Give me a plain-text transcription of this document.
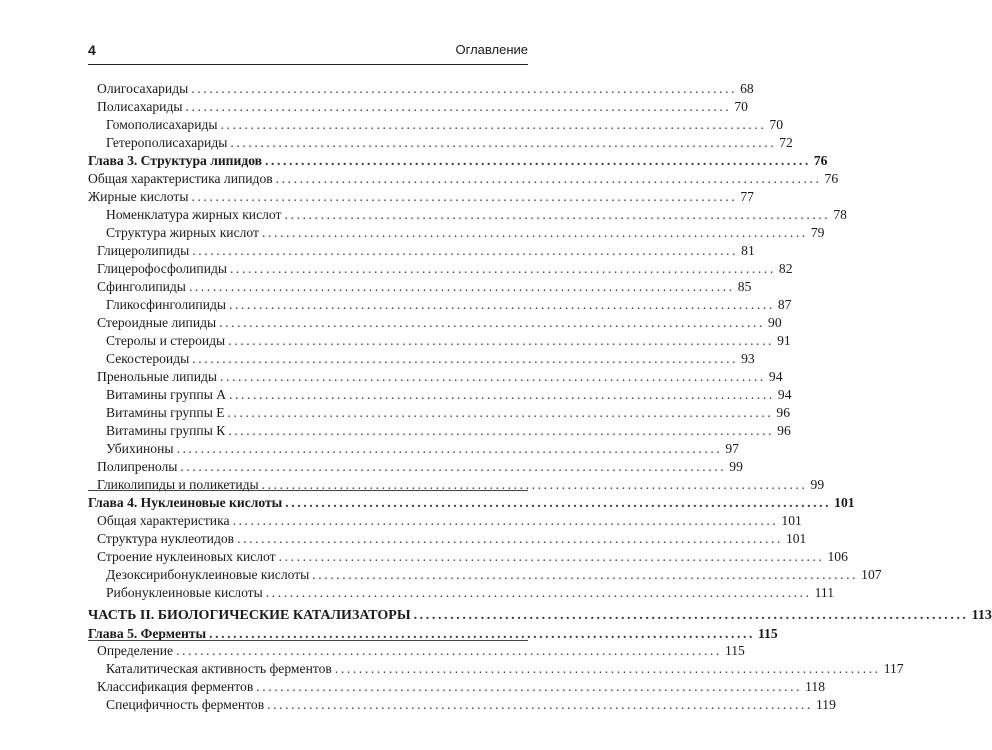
4	Оглавление
Олигосахариды ........................................................................................... 68
Полисахариды ........................................................................................... 70
Гомополисахариды ........................................................................................... 70
Гетерополисахариды ........................................................................................... 72
Глава 3. Структура липидов ........................................................................................... 76
Общая характеристика липидов ........................................................................................... 76
Жирные кислоты ........................................................................................... 77
Номенклатура жирных кислот ........................................................................................... 78
Структура жирных кислот ........................................................................................... 79
Глицеролипиды ........................................................................................... 81
Глицерофосфолипиды ........................................................................................... 82
Сфинголипиды ........................................................................................... 85
Гликосфинголипиды ........................................................................................... 87
Стероидные липиды ........................................................................................... 90
Стеролы и стероиды ........................................................................................... 91
Секостероиды ........................................................................................... 93
Пренольные липиды ........................................................................................... 94
Витамины группы А ........................................................................................... 94
Витамины группы Е ........................................................................................... 96
Витамины группы К ........................................................................................... 96
Убихиноны ........................................................................................... 97
Полипренолы ........................................................................................... 99
Гликолипиды и поликетиды ........................................................................................... 99
Глава 4. Нуклеиновые кислоты ........................................................................................... 101
Общая характеристика ........................................................................................... 101
Структура нуклеотидов ........................................................................................... 101
Строение нуклеиновых кислот ........................................................................................... 106
Дезоксирибонуклеиновые кислоты ........................................................................................... 107
Рибонуклеиновые кислоты ........................................................................................... 111
ЧАСТЬ II. БИОЛОГИЧЕСКИЕ КАТАЛИЗАТОРЫ ........................................................................................... 113
Глава 5. Ферменты ........................................................................................... 115
Определение ........................................................................................... 115
Каталитическая активность ферментов ........................................................................................... 117
Классификация ферментов ........................................................................................... 118
Специфичность ферментов ........................................................................................... 119
